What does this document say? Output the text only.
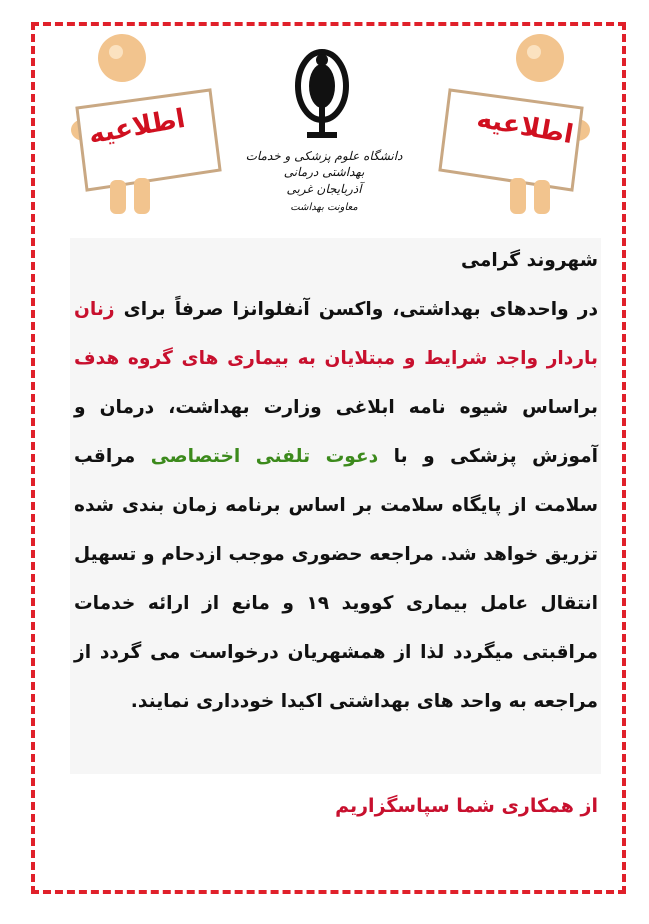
اطلاعیه
دانشگاه علوم پزشکی و خدمات بهداشتی درمانی
آذربایجان غربی
معاونت بهداشت
اطلاعیه

شهروند گرامی

در واحدهای بهداشتی، واکسن آنفلوانزا صرفاً برای زنان باردار واجد شرایط و مبتلایان به بیماری های گروه هدف براساس شیوه نامه ابلاغی وزارت بهداشت، درمان و آموزش پزشکی و با دعوت تلفنی اختصاصی مراقب سلامت از پایگاه سلامت بر اساس برنامه زمان بندی شده تزریق خواهد شد. مراجعه حضوری موجب ازدحام و تسهیل انتقال عامل بیماری کووید ۱۹ و مانع از ارائه خدمات مراقبتی میگردد لذا از همشهریان درخواست می گردد از مراجعه به واحد های بهداشتی اکیدا خودداری نمایند.

از همکاری شما سپاسگزاریم
